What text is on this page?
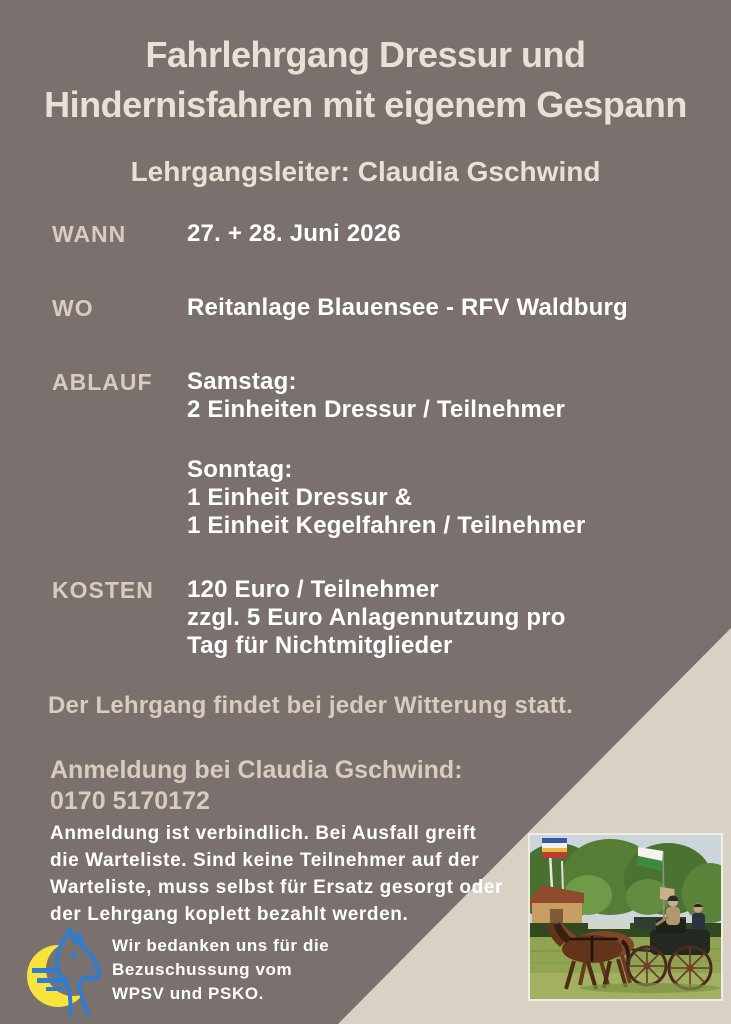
Fahrlehrgang Dressur und
Hindernisfahren mit eigenem Gespann
Lehrgangsleiter: Claudia Gschwind
WANN	27. + 28. Juni 2026
WO	Reitanlage Blauensee - RFV Waldburg
ABLAUF Samstag:
2 Einheiten Dressur / Teilnehmer
Sonntag:
1 Einheit Dressur &
1 Einheit Kegelfahren / Teilnehmer
KOSTEN 120 Euro / Teilnehmer
zzgl. 5 Euro Anlagennutzung pro
Tag für Nichtmitglieder
Der Lehrgang findet bei jeder Witterung statt.
Anmeldung bei Claudia Gschwind:
0170 5170172
Anmeldung ist verbindlich. Bei Ausfall greift
die Warteliste. Sind keine Teilnehmer auf der
Warteliste, muss selbst für Ersatz gesorgt oder
der Lehrgang koplett bezahlt werden.
Wir bedanken uns für die
Bezuschussung vom
WPSV und PSKO.
